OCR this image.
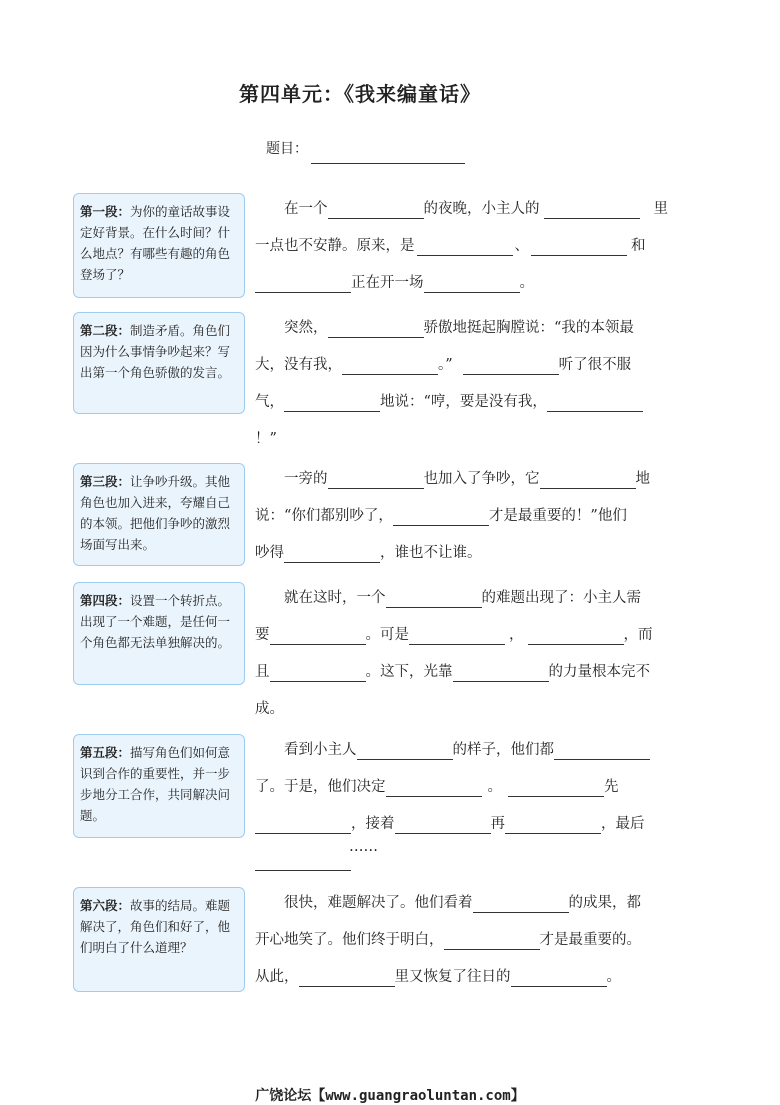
第四单元：《我来编童话》
题目：
第一段：为你的童话故事设定好背景。在什么时间？什么地点？有哪些有趣的角色登场了？
第二段：制造矛盾。角色们因为什么事情争吵起来？写出第一个角色骄傲的发言。
第三段：让争吵升级。其他角色也加入进来，夸耀自己的本领。把他们争吵的激烈场面写出来。
第四段：设置一个转折点。出现了一个难题，是任何一个角色都无法单独解决的。
第五段：描写角色们如何意识到合作的重要性，并一步步地分工合作，共同解决问题。
第六段：故事的结局。难题解决了，角色们和好了，他们明白了什么道理？
在一个	的夜晚，小主人的	里
一点也不安静。原来，是	、	和
正在开一场	。
突然，	骄傲地挺起胸膛说：“我的本领最
大，没有我，	。”	听了很不服
气，	地说：“哼，要是没有我，
！”
一旁的	也加入了争吵，它	地
说：“你们都别吵了，	才是最重要的！”他们
吵得	，谁也不让谁。
就在这时，一个	的难题出现了：小主人需
要	。可是	，	，而
且	。这下，光靠	的力量根本完不
成。
看到小主人	的样子，他们都
了。于是，他们决定	。	先
，接着	再	，最后
……
很快，难题解决了。他们看着	的成果，都
开心地笑了。他们终于明白，	才是最重要的。
从此，	里又恢复了往日的	。
广饶论坛【www.guangraoluntan.com】
